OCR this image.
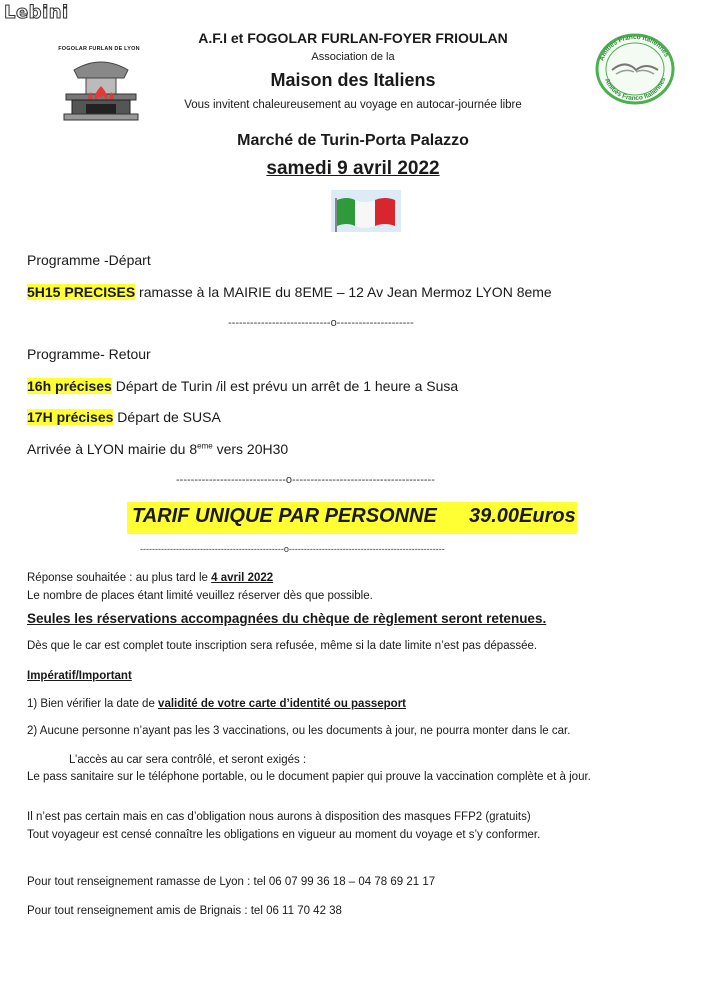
Lebini
FOGOLAR FURLAN DE LYON
Amitiés Franco Italiennes
Amitiés Franco Italiennes
A.F.I et FOGOLAR FURLAN-FOYER FRIOULAN
Association de la
Maison des Italiens
Vous invitent chaleureusement au voyage en autocar-journée libre
Marché de Turin-Porta Palazzo
samedi 9 avril 2022
Programme -Départ
5H15 PRECISES ramasse à la MAIRIE du 8EME – 12 Av Jean Mermoz LYON 8eme
----------------------------o---------------------
Programme- Retour
16h précises Départ de Turin /il est prévu un arrêt de 1 heure a Susa
17H précises Départ de SUSA
Arrivée à LYON mairie du 8eme vers 20H30
------------------------------o---------------------------------------
TARIF UNIQUE PAR PERSONNE 39.00Euros
------------------------------------------------o----------------------------------------------------
Réponse souhaitée : au plus tard le 4 avril 2022
Le nombre de places étant limité veuillez réserver dès que possible.
Seules les réservations accompagnées du chèque de règlement seront retenues.
Dès que le car est complet toute inscription sera refusée, même si la date limite n’est pas dépassée.
Impératif/Important
1) Bien vérifier la date de validité de votre carte d’identité ou passeport
2) Aucune personne n’ayant pas les 3 vaccinations, ou les documents à jour, ne pourra monter dans le car.
L’accès au car sera contrôlé, et seront exigés :
Le pass sanitaire sur le téléphone portable, ou le document papier qui prouve la vaccination complète et à jour.
Il n’est pas certain mais en cas d’obligation nous aurons à disposition des masques FFP2 (gratuits)
Tout voyageur est censé connaître les obligations en vigueur au moment du voyage et s’y conformer.
Pour tout renseignement ramasse de Lyon : tel 06 07 99 36 18 – 04 78 69 21 17
Pour tout renseignement amis de Brignais : tel 06 11 70 42 38
